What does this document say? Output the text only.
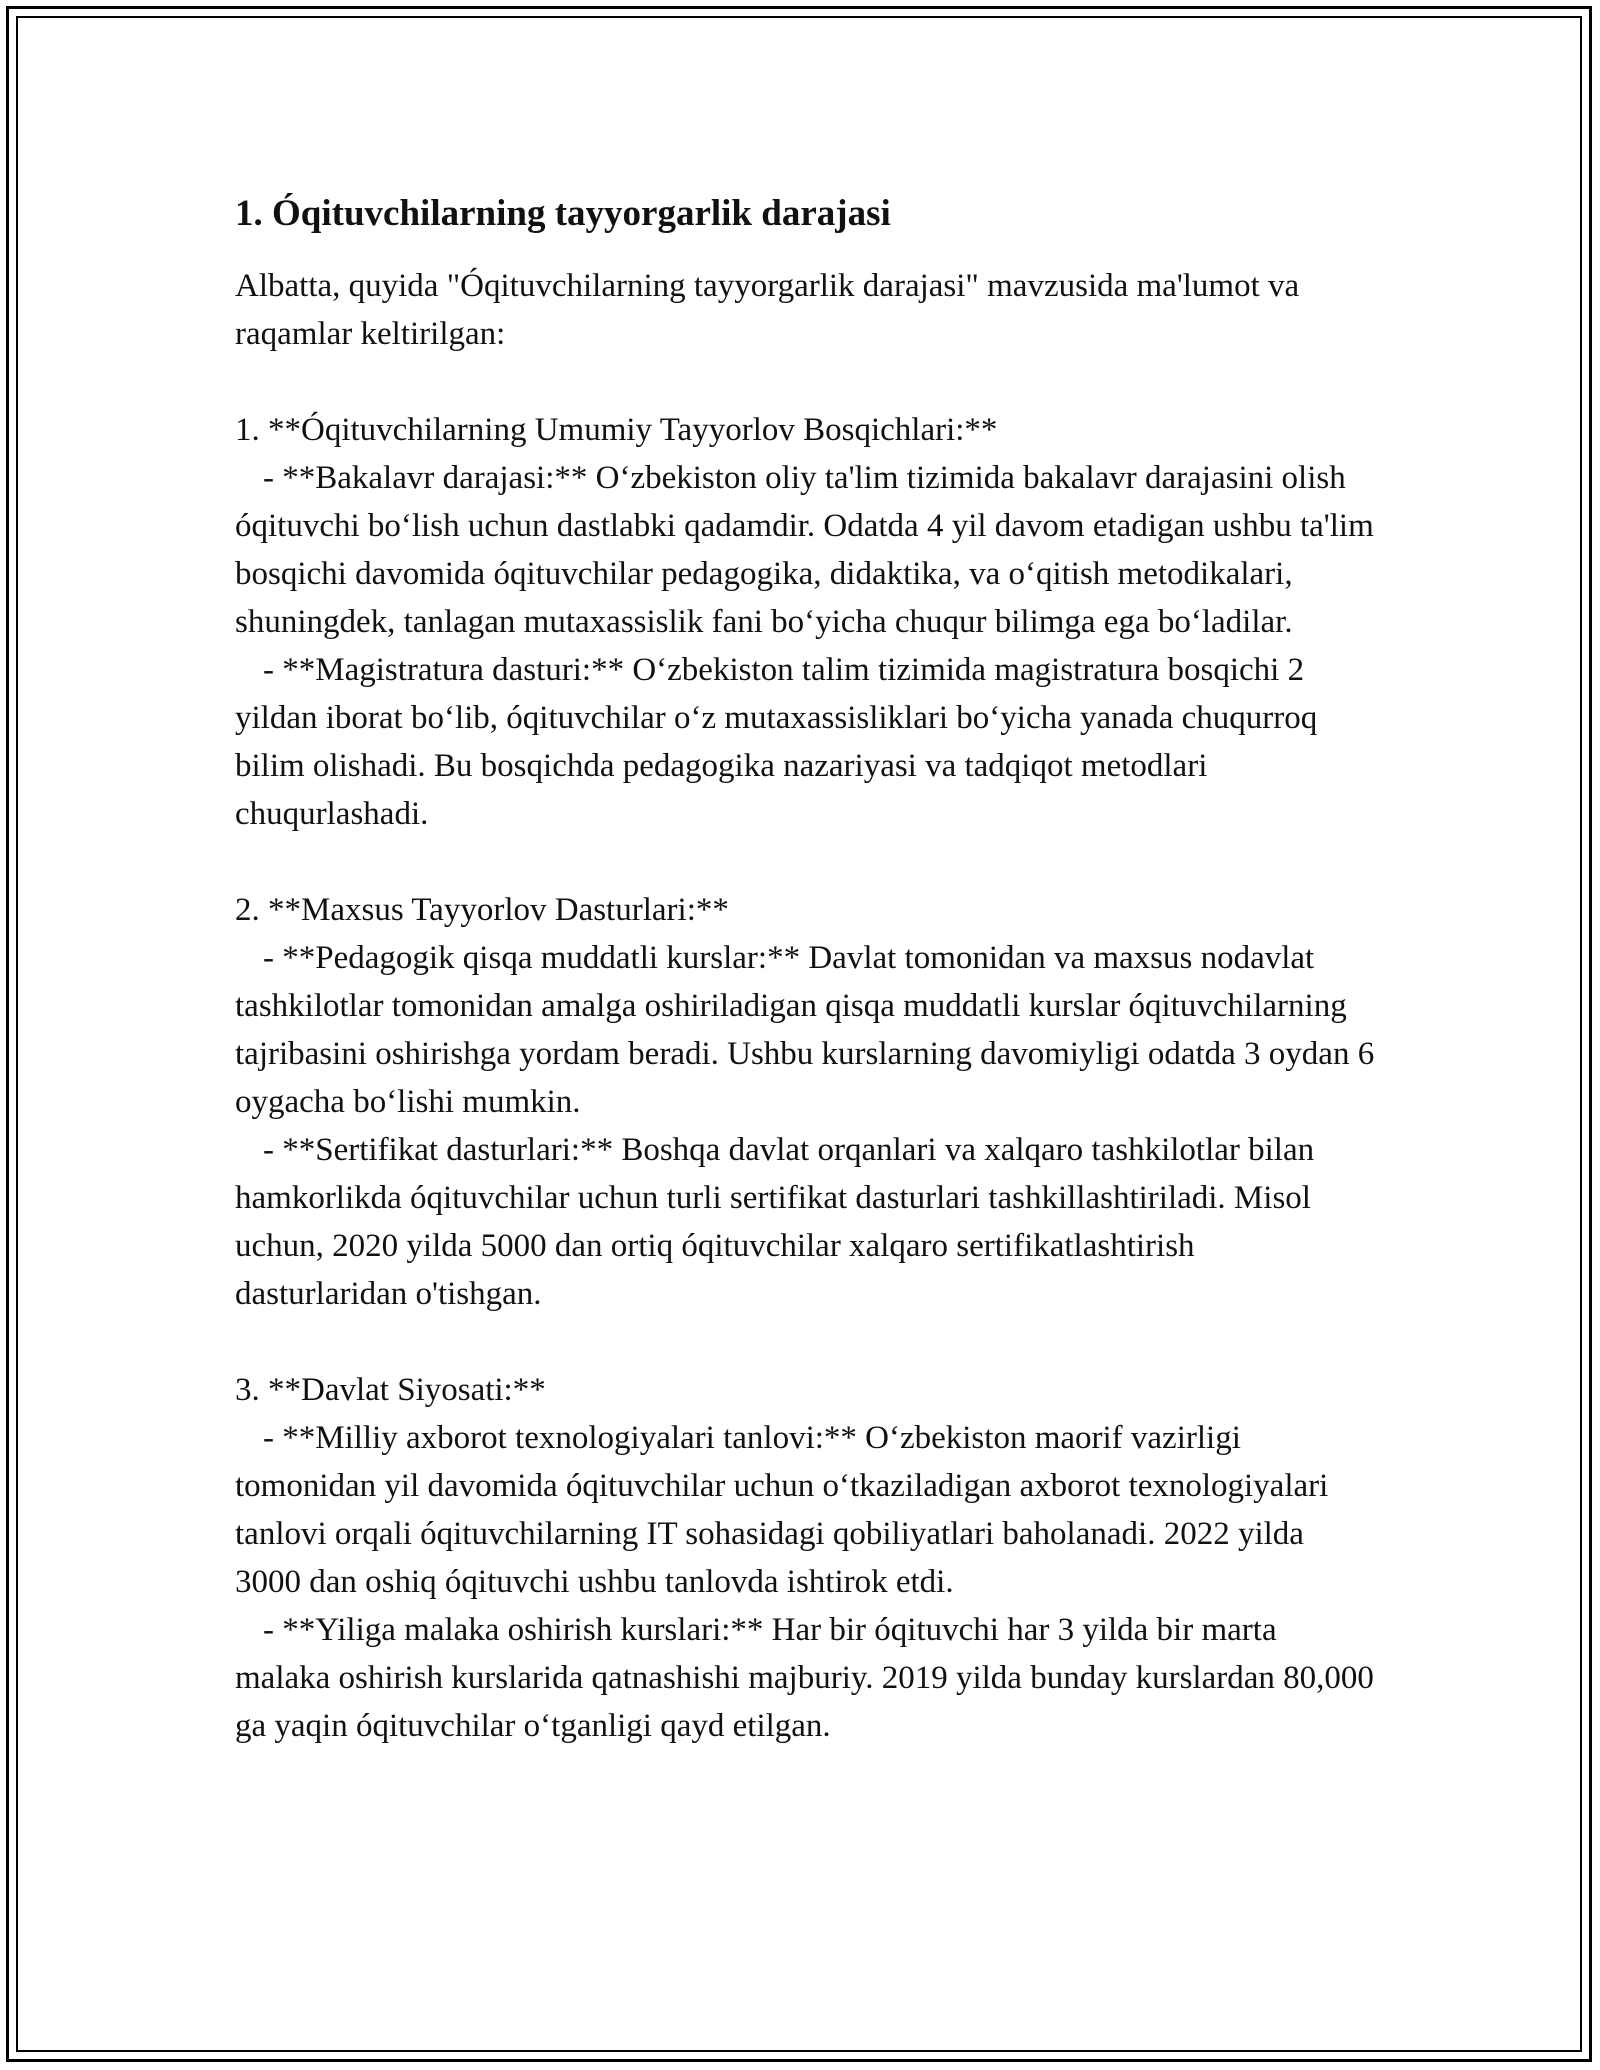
1. Óqituvchilarning tayyorgarlik darajasi

Albatta, quyida "Óqituvchilarning tayyorgarlik darajasi" mavzusida ma'lumot va raqamlar keltirilgan:

1. **Óqituvchilarning Umumiy Tayyorlov Bosqichlari:**

- **Bakalavr darajasi:** O‘zbekiston oliy ta'lim tizimida bakalavr darajasini olish óqituvchi bo‘lish uchun dastlabki qadamdir. Odatda 4 yil davom etadigan ushbu ta'lim bosqichi davomida óqituvchilar pedagogika, didaktika, va o‘qitish metodikalari, shuningdek, tanlagan mutaxassislik fani bo‘yicha chuqur bilimga ega bo‘ladilar.

- **Magistratura dasturi:** O‘zbekiston talim tizimida magistratura bosqichi 2 yildan iborat bo‘lib, óqituvchilar o‘z mutaxassisliklari bo‘yicha yanada chuqurroq bilim olishadi. Bu bosqichda pedagogika nazariyasi va tadqiqot metodlari chuqurlashadi.

2. **Maxsus Tayyorlov Dasturlari:**

- **Pedagogik qisqa muddatli kurslar:** Davlat tomonidan va maxsus nodavlat tashkilotlar tomonidan amalga oshiriladigan qisqa muddatli kurslar óqituvchilarning tajribasini oshirishga yordam beradi. Ushbu kurslarning davomiyligi odatda 3 oydan 6 oygacha bo‘lishi mumkin.

- **Sertifikat dasturlari:** Boshqa davlat orqanlari va xalqaro tashkilotlar bilan hamkorlikda óqituvchilar uchun turli sertifikat dasturlari tashkillashtiriladi. Misol uchun, 2020 yilda 5000 dan ortiq óqituvchilar xalqaro sertifikatlashtirish dasturlaridan o'tishgan.

3. **Davlat Siyosati:**

- **Milliy axborot texnologiyalari tanlovi:** O‘zbekiston maorif vazirligi tomonidan yil davomida óqituvchilar uchun o‘tkaziladigan axborot texnologiyalari tanlovi orqali óqituvchilarning IT sohasidagi qobiliyatlari baholanadi. 2022 yilda 3000 dan oshiq óqituvchi ushbu tanlovda ishtirok etdi.

- **Yiliga malaka oshirish kurslari:** Har bir óqituvchi har 3 yilda bir marta malaka oshirish kurslarida qatnashishi majburiy. 2019 yilda bunday kurslardan 80,000 ga yaqin óqituvchilar o‘tganligi qayd etilgan.
